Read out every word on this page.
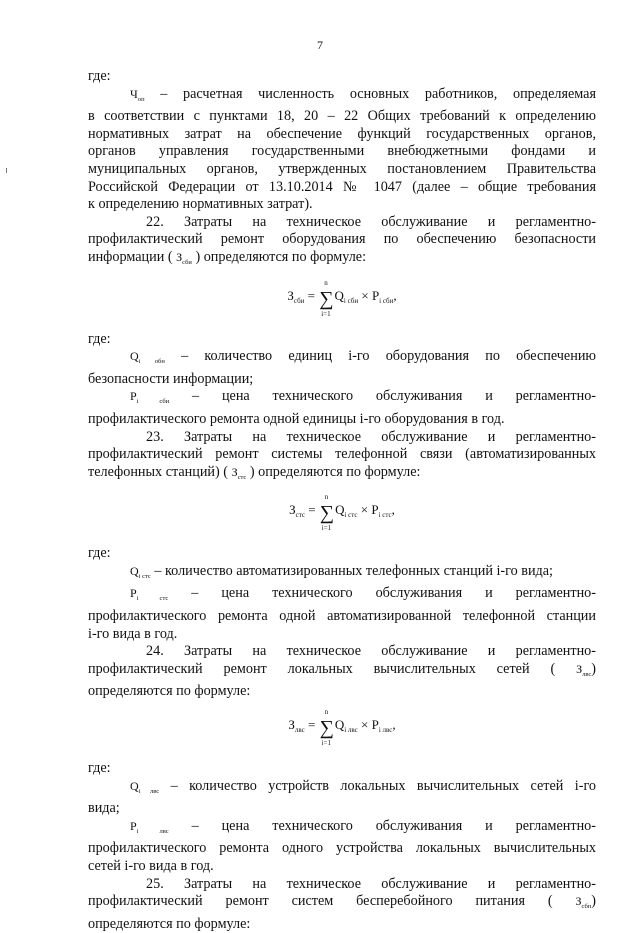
7

где:

$Ч_{оп}$ – расчетная численность основных работников, определяемая

в соответствии с пунктами 18, 20 – 22 Общих требований к определению

нормативных затрат на обеспечение функций государственных органов,

органов управления государственными внебюджетными фондами и

муниципальных органов, утвержденных постановлением Правительства

Российской Федерации от 13.10.2014 № 1047 (далее – общие требования

к определению нормативных затрат).

22. Затраты на техническое обслуживание и регламентно-

профилактический ремонт оборудования по обеспечению безопасности

информации ( $З_{сби}$ ) определяются по формуле:

$З_{сби}$ =
n
∑
i=1
$Q_{i сби} \times P_{i сби}$,

где:

$Q_{i обн}$ – количество единиц i-го оборудования по обеспечению

безопасности информации;

$P_{i сби}$ – цена технического обслуживания и регламентно-

профилактического ремонта одной единицы i-го оборудования в год.

23. Затраты на техническое обслуживание и регламентно-

профилактический ремонт системы телефонной связи (автоматизированных

телефонных станций) ( $З_{стс}$ ) определяются по формуле:

$З_{стс}$ =
n
∑
i=1
$Q_{i стс} \times P_{i стс}$,

где:

$Q_{i стс}$ – количество автоматизированных телефонных станций i-го вида;

$P_{i стс}$ – цена технического обслуживания и регламентно-

профилактического ремонта одной автоматизированной телефонной станции

i-го вида в год.

24. Затраты на техническое обслуживание и регламентно-

профилактический ремонт локальных вычислительных сетей ( $З_{лвс}$)

определяются по формуле:

$З_{лвс}$ =
n
∑
i=1
$Q_{i лвс} \times P_{i лвс}$,

где:

$Q_{i лвс}$ – количество устройств локальных вычислительных сетей i-го

вида;

$P_{i лвс}$ – цена технического обслуживания и регламентно-

профилактического ремонта одного устройства локальных вычислительных

сетей i-го вида в год.

25. Затраты на техническое обслуживание и регламентно-

профилактический ремонт систем бесперебойного питания ( $З_{сбп}$)

определяются по формуле:
